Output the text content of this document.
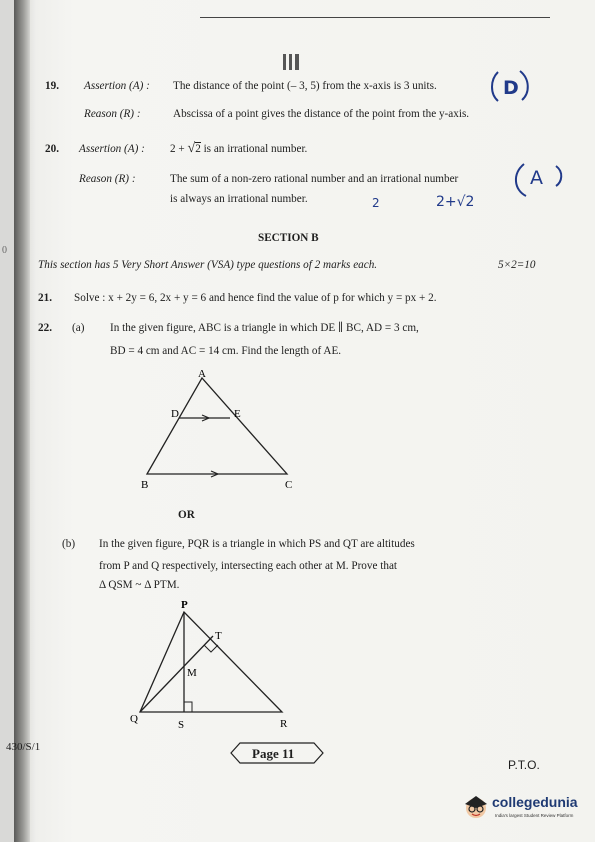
19. Assertion (A) : The distance of the point (– 3, 5) from the x-axis is 3 units.
Reason (R) :	Abscissa of a point gives the distance of the point from the y-axis.
D
20. Assertion (A) : 2 + √2 is an irrational number.
Reason (R) :	The sum of a non-zero rational number and an irrational number
is always an irrational number.
A
2	2+√2
0
SECTION B
This section has 5 Very Short Answer (VSA) type questions of 2 marks each.	5×2=10
21. Solve : x + 2y = 6, 2x + y = 6 and hence find the value of p for which y = px + 2.
22. (a) In the given figure, ABC is a triangle in which DE ∥ BC, AD = 3 cm,
BD = 4 cm and AC = 14 cm. Find the length of AE.
A
B	C
D	E
OR
(b) In the given figure, PQR is a triangle in which PS and QT are altitudes
from P and Q respectively, intersecting each other at M. Prove that
Δ QSM ~ Δ PTM.
P
Q	R
S
T
M
430/S/1	Page 11
P.T.O.
collegedunia
India's largest Student Review Platform
